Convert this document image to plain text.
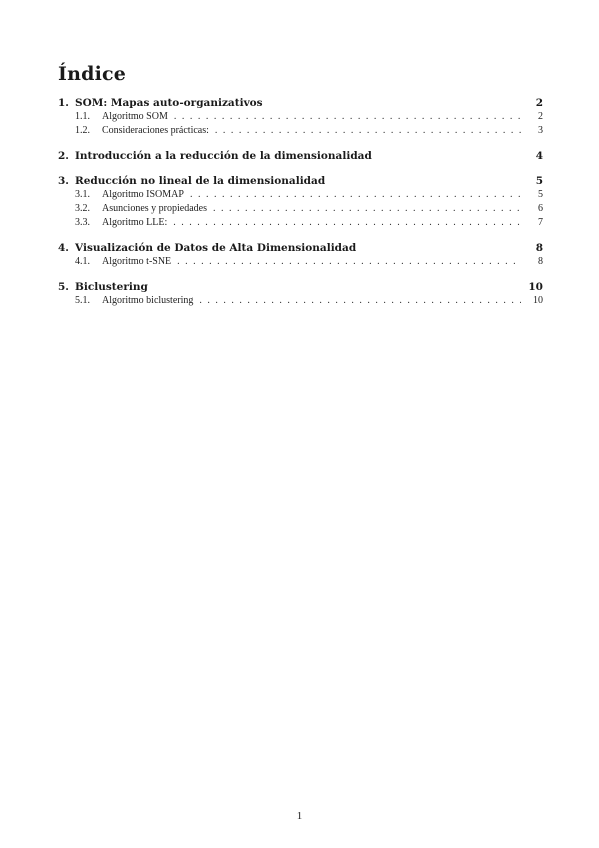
Índice
1. SOM: Mapas auto-organizativos	2
1.1.	Algoritmo SOM . . .	2
1.2.	Consideraciones prácticas: . . .	3
2. Introducción a la reducción de la dimensionalidad	4
3. Reducción no lineal de la dimensionalidad	5
3.1.	Algoritmo ISOMAP . . .	5
3.2.	Asunciones y propiedades . . .	6
3.3.	Algoritmo LLE: . . .	7
4. Visualización de Datos de Alta Dimensionalidad	8
4.1.	Algoritmo t-SNE . . .	8
5. Biclustering	10
5.1.	Algoritmo biclustering . . .	10
1
